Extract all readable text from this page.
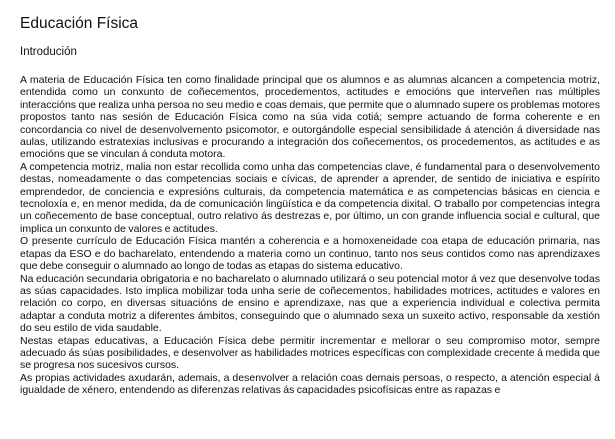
Educación Física
Introdución

A materia de Educación Física ten como finalidade principal que os alumnos e as alumnas alcancen a competencia motriz, entendida como un conxunto de coñecementos, procedementos, actitudes e emocións que interveñen nas múltiples interaccións que realiza unha persoa no seu medio e coas demais, que permite que o alumnado supere os problemas motores propostos tanto nas sesión de Educación Física como na súa vida cotiá; sempre actuando de forma coherente e en concordancia co nivel de desenvolvemento psicomotor, e outorgándolle especial sensibilidade á atención á diversidade nas aulas, utilizando estratexias inclusivas e procurando a integración dos coñecementos, os procedementos, as actitudes e as emocións que se vinculan á conduta motora.

A competencia motriz, malia non estar recollida como unha das competencias clave, é fundamental para o desenvolvemento destas, nomeadamente o das competencias sociais e cívicas, de aprender a aprender, de sentido de iniciativa e espírito emprendedor, de conciencia e expresións culturais, da competencia matemática e as competencias básicas en ciencia e tecnoloxía e, en menor medida, da de comunicación lingüística e da competencia dixital. O traballo por competencias integra un coñecemento de base conceptual, outro relativo ás destrezas e, por último, un con grande influencia social e cultural, que implica un conxunto de valores e actitudes.

O presente currículo de Educación Física mantén a coherencia e a homoxeneidade coa etapa de educación primaria, nas etapas da ESO e do bacharelato, entendendo a materia como un continuo, tanto nos seus contidos como nas aprendizaxes que debe conseguir o alumnado ao longo de todas as etapas do sistema educativo.

Na educación secundaria obrigatoria e no bacharelato o alumnado utilizará o seu potencial motor á vez que desenvolve todas as súas capacidades. Isto implica mobilizar toda unha serie de coñecementos, habilidades motrices, actitudes e valores en relación co corpo, en diversas situacións de ensino e aprendizaxe, nas que a experiencia individual e colectiva permita adaptar a conduta motriz a diferentes ámbitos, conseguindo que o alumnado sexa un suxeito activo, responsable da xestión do seu estilo de vida saudable.

Nestas etapas educativas, a Educación Física debe permitir incrementar e mellorar o seu compromiso motor, sempre adecuado ás súas posibilidades, e desenvolver as habilidades motrices específicas con complexidade crecente á medida que se progresa nos sucesivos cursos.

As propias actividades axudarán, ademais, a desenvolver a relación coas demais persoas, o respecto, a atención especial á igualdade de xénero, entendendo as diferenzas relativas ás capacidades psicofísicas entre as rapazas e
